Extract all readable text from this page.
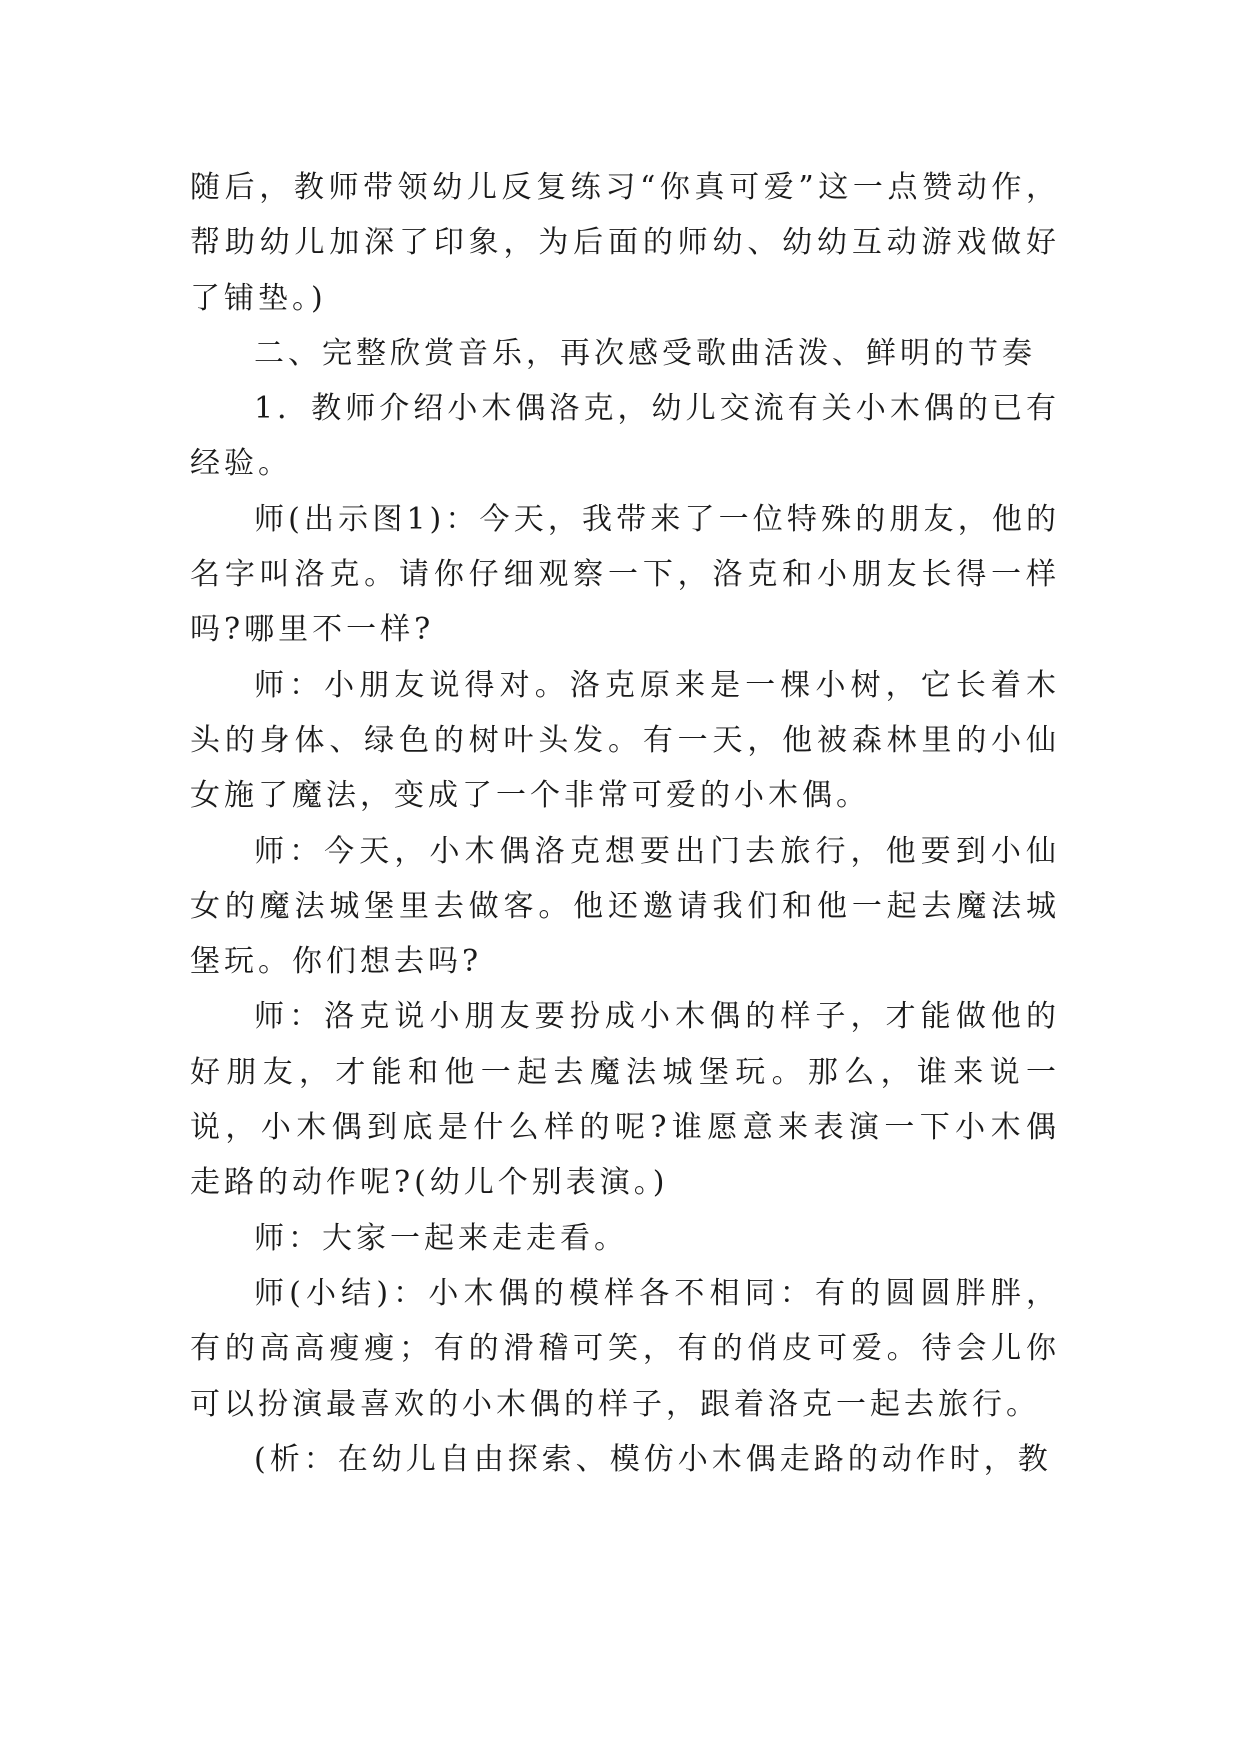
随后，教师带领幼儿反复练习“你真可爱”这一点赞动作，帮助幼儿加深了印象，为后面的师幼、幼幼互动游戏做好了铺垫。)

二、完整欣赏音乐，再次感受歌曲活泼、鲜明的节奏

1．教师介绍小木偶洛克，幼儿交流有关小木偶的已有经验。

师(出示图1)：今天，我带来了一位特殊的朋友，他的名字叫洛克。请你仔细观察一下，洛克和小朋友长得一样吗?哪里不一样?

师：小朋友说得对。洛克原来是一棵小树，它长着木头的身体、绿色的树叶头发。有一天，他被森林里的小仙女施了魔法，变成了一个非常可爱的小木偶。

师：今天，小木偶洛克想要出门去旅行，他要到小仙女的魔法城堡里去做客。他还邀请我们和他一起去魔法城堡玩。你们想去吗?

师：洛克说小朋友要扮成小木偶的样子，才能做他的好朋友，才能和他一起去魔法城堡玩。那么，谁来说一说，小木偶到底是什么样的呢?谁愿意来表演一下小木偶走路的动作呢?(幼儿个别表演。)

师：大家一起来走走看。

师(小结)：小木偶的模样各不相同：有的圆圆胖胖，有的高高瘦瘦；有的滑稽可笑，有的俏皮可爱。待会儿你可以扮演最喜欢的小木偶的样子，跟着洛克一起去旅行。

(析：在幼儿自由探索、模仿小木偶走路的动作时，教
